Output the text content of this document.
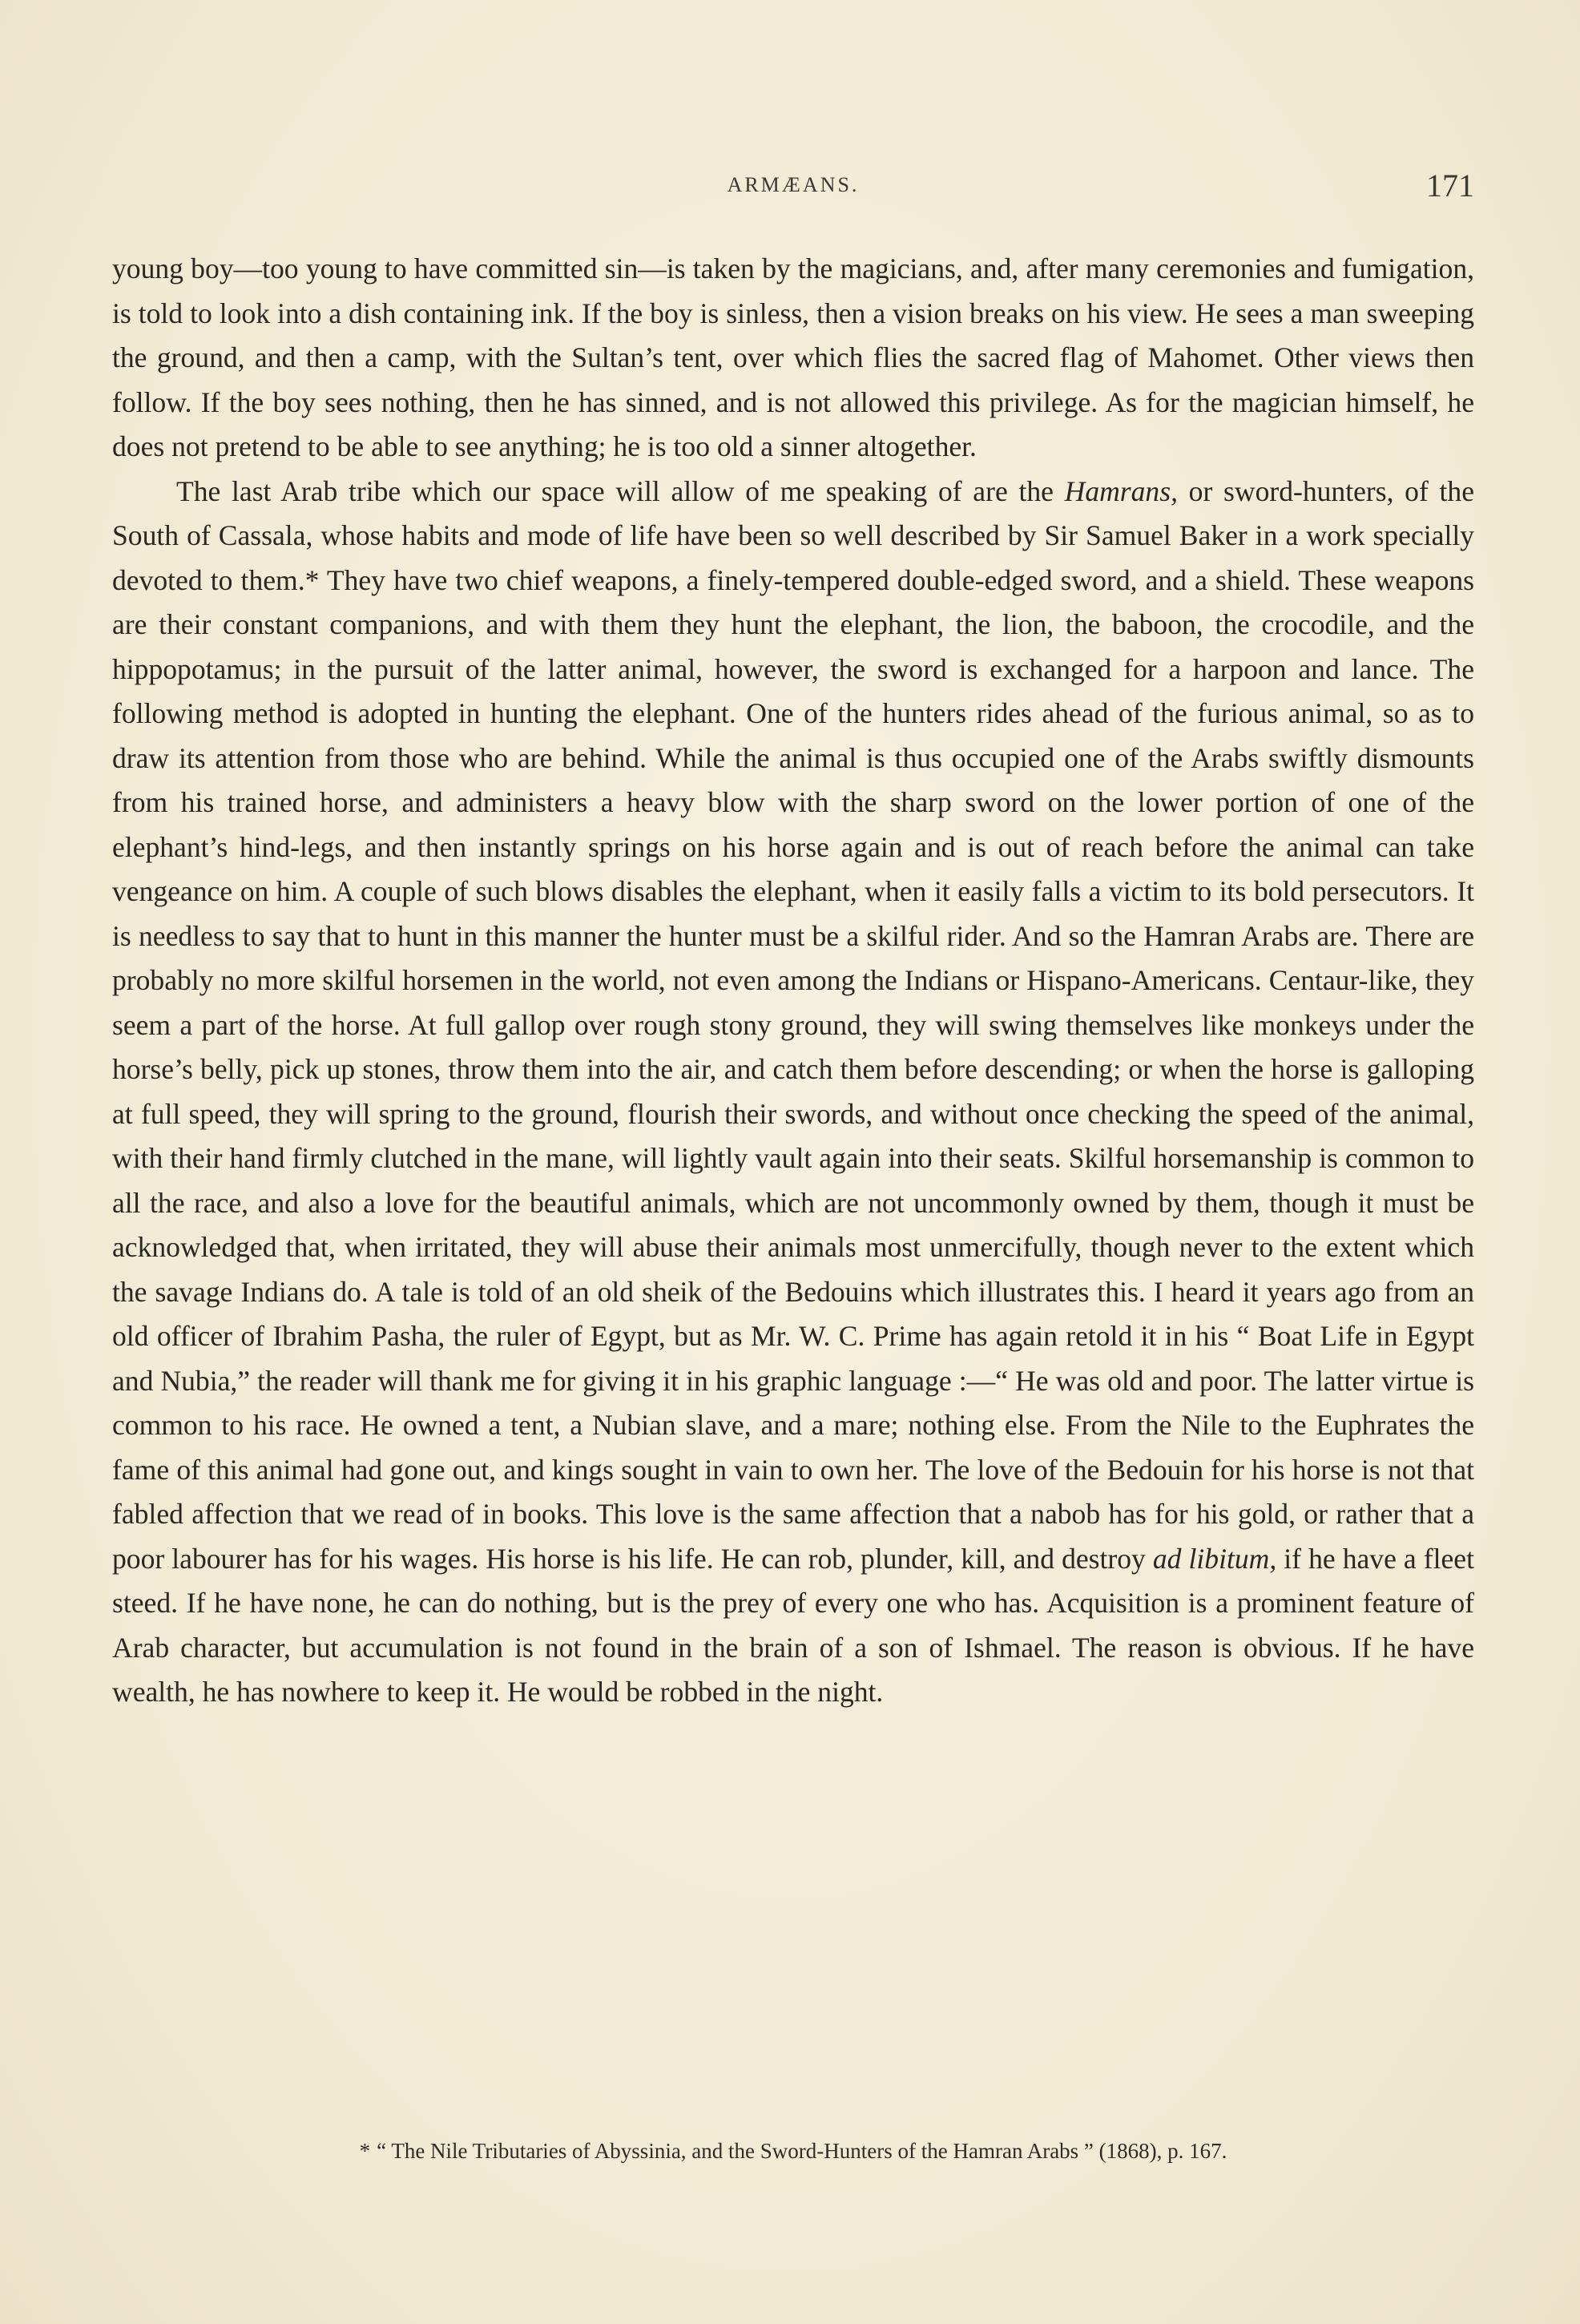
ARMÆANS.	171

young boy—too young to have committed sin—is taken by the magicians, and, after many ceremonies and fumigation, is told to look into a dish containing ink. If the boy is sinless, then a vision breaks on his view. He sees a man sweeping the ground, and then a camp, with the Sultan’s tent, over which flies the sacred flag of Mahomet. Other views then follow. If the boy sees nothing, then he has sinned, and is not allowed this privilege. As for the magician himself, he does not pretend to be able to see anything; he is too old a sinner altogether.

The last Arab tribe which our space will allow of me speaking of are the Hamrans, or sword-hunters, of the South of Cassala, whose habits and mode of life have been so well described by Sir Samuel Baker in a work specially devoted to them.* They have two chief weapons, a finely-tempered double-edged sword, and a shield. These weapons are their constant companions, and with them they hunt the elephant, the lion, the baboon, the crocodile, and the hippopotamus; in the pursuit of the latter animal, however, the sword is exchanged for a harpoon and lance. The following method is adopted in hunting the elephant. One of the hunters rides ahead of the furious animal, so as to draw its attention from those who are behind. While the animal is thus occupied one of the Arabs swiftly dismounts from his trained horse, and administers a heavy blow with the sharp sword on the lower portion of one of the elephant’s hind-legs, and then instantly springs on his horse again and is out of reach before the animal can take vengeance on him. A couple of such blows disables the elephant, when it easily falls a victim to its bold persecutors. It is needless to say that to hunt in this manner the hunter must be a skilful rider. And so the Hamran Arabs are. There are probably no more skilful horsemen in the world, not even among the Indians or Hispano-Americans. Centaur-like, they seem a part of the horse. At full gallop over rough stony ground, they will swing themselves like monkeys under the horse’s belly, pick up stones, throw them into the air, and catch them before descending; or when the horse is galloping at full speed, they will spring to the ground, flourish their swords, and without once checking the speed of the animal, with their hand firmly clutched in the mane, will lightly vault again into their seats. Skilful horsemanship is common to all the race, and also a love for the beautiful animals, which are not uncommonly owned by them, though it must be acknowledged that, when irritated, they will abuse their animals most unmercifully, though never to the extent which the savage Indians do. A tale is told of an old sheik of the Bedouins which illustrates this. I heard it years ago from an old officer of Ibrahim Pasha, the ruler of Egypt, but as Mr. W. C. Prime has again retold it in his “ Boat Life in Egypt and Nubia,” the reader will thank me for giving it in his graphic language :—“ He was old and poor. The latter virtue is common to his race. He owned a tent, a Nubian slave, and a mare; nothing else. From the Nile to the Euphrates the fame of this animal had gone out, and kings sought in vain to own her. The love of the Bedouin for his horse is not that fabled affection that we read of in books. This love is the same affection that a nabob has for his gold, or rather that a poor labourer has for his wages. His horse is his life. He can rob, plunder, kill, and destroy ad libitum, if he have a fleet steed. If he have none, he can do nothing, but is the prey of every one who has. Acquisition is a prominent feature of Arab character, but accumulation is not found in the brain of a son of Ishmael. The reason is obvious. If he have wealth, he has nowhere to keep it. He would be robbed in the night.

* “ The Nile Tributaries of Abyssinia, and the Sword-Hunters of the Hamran Arabs ” (1868), p. 167.
